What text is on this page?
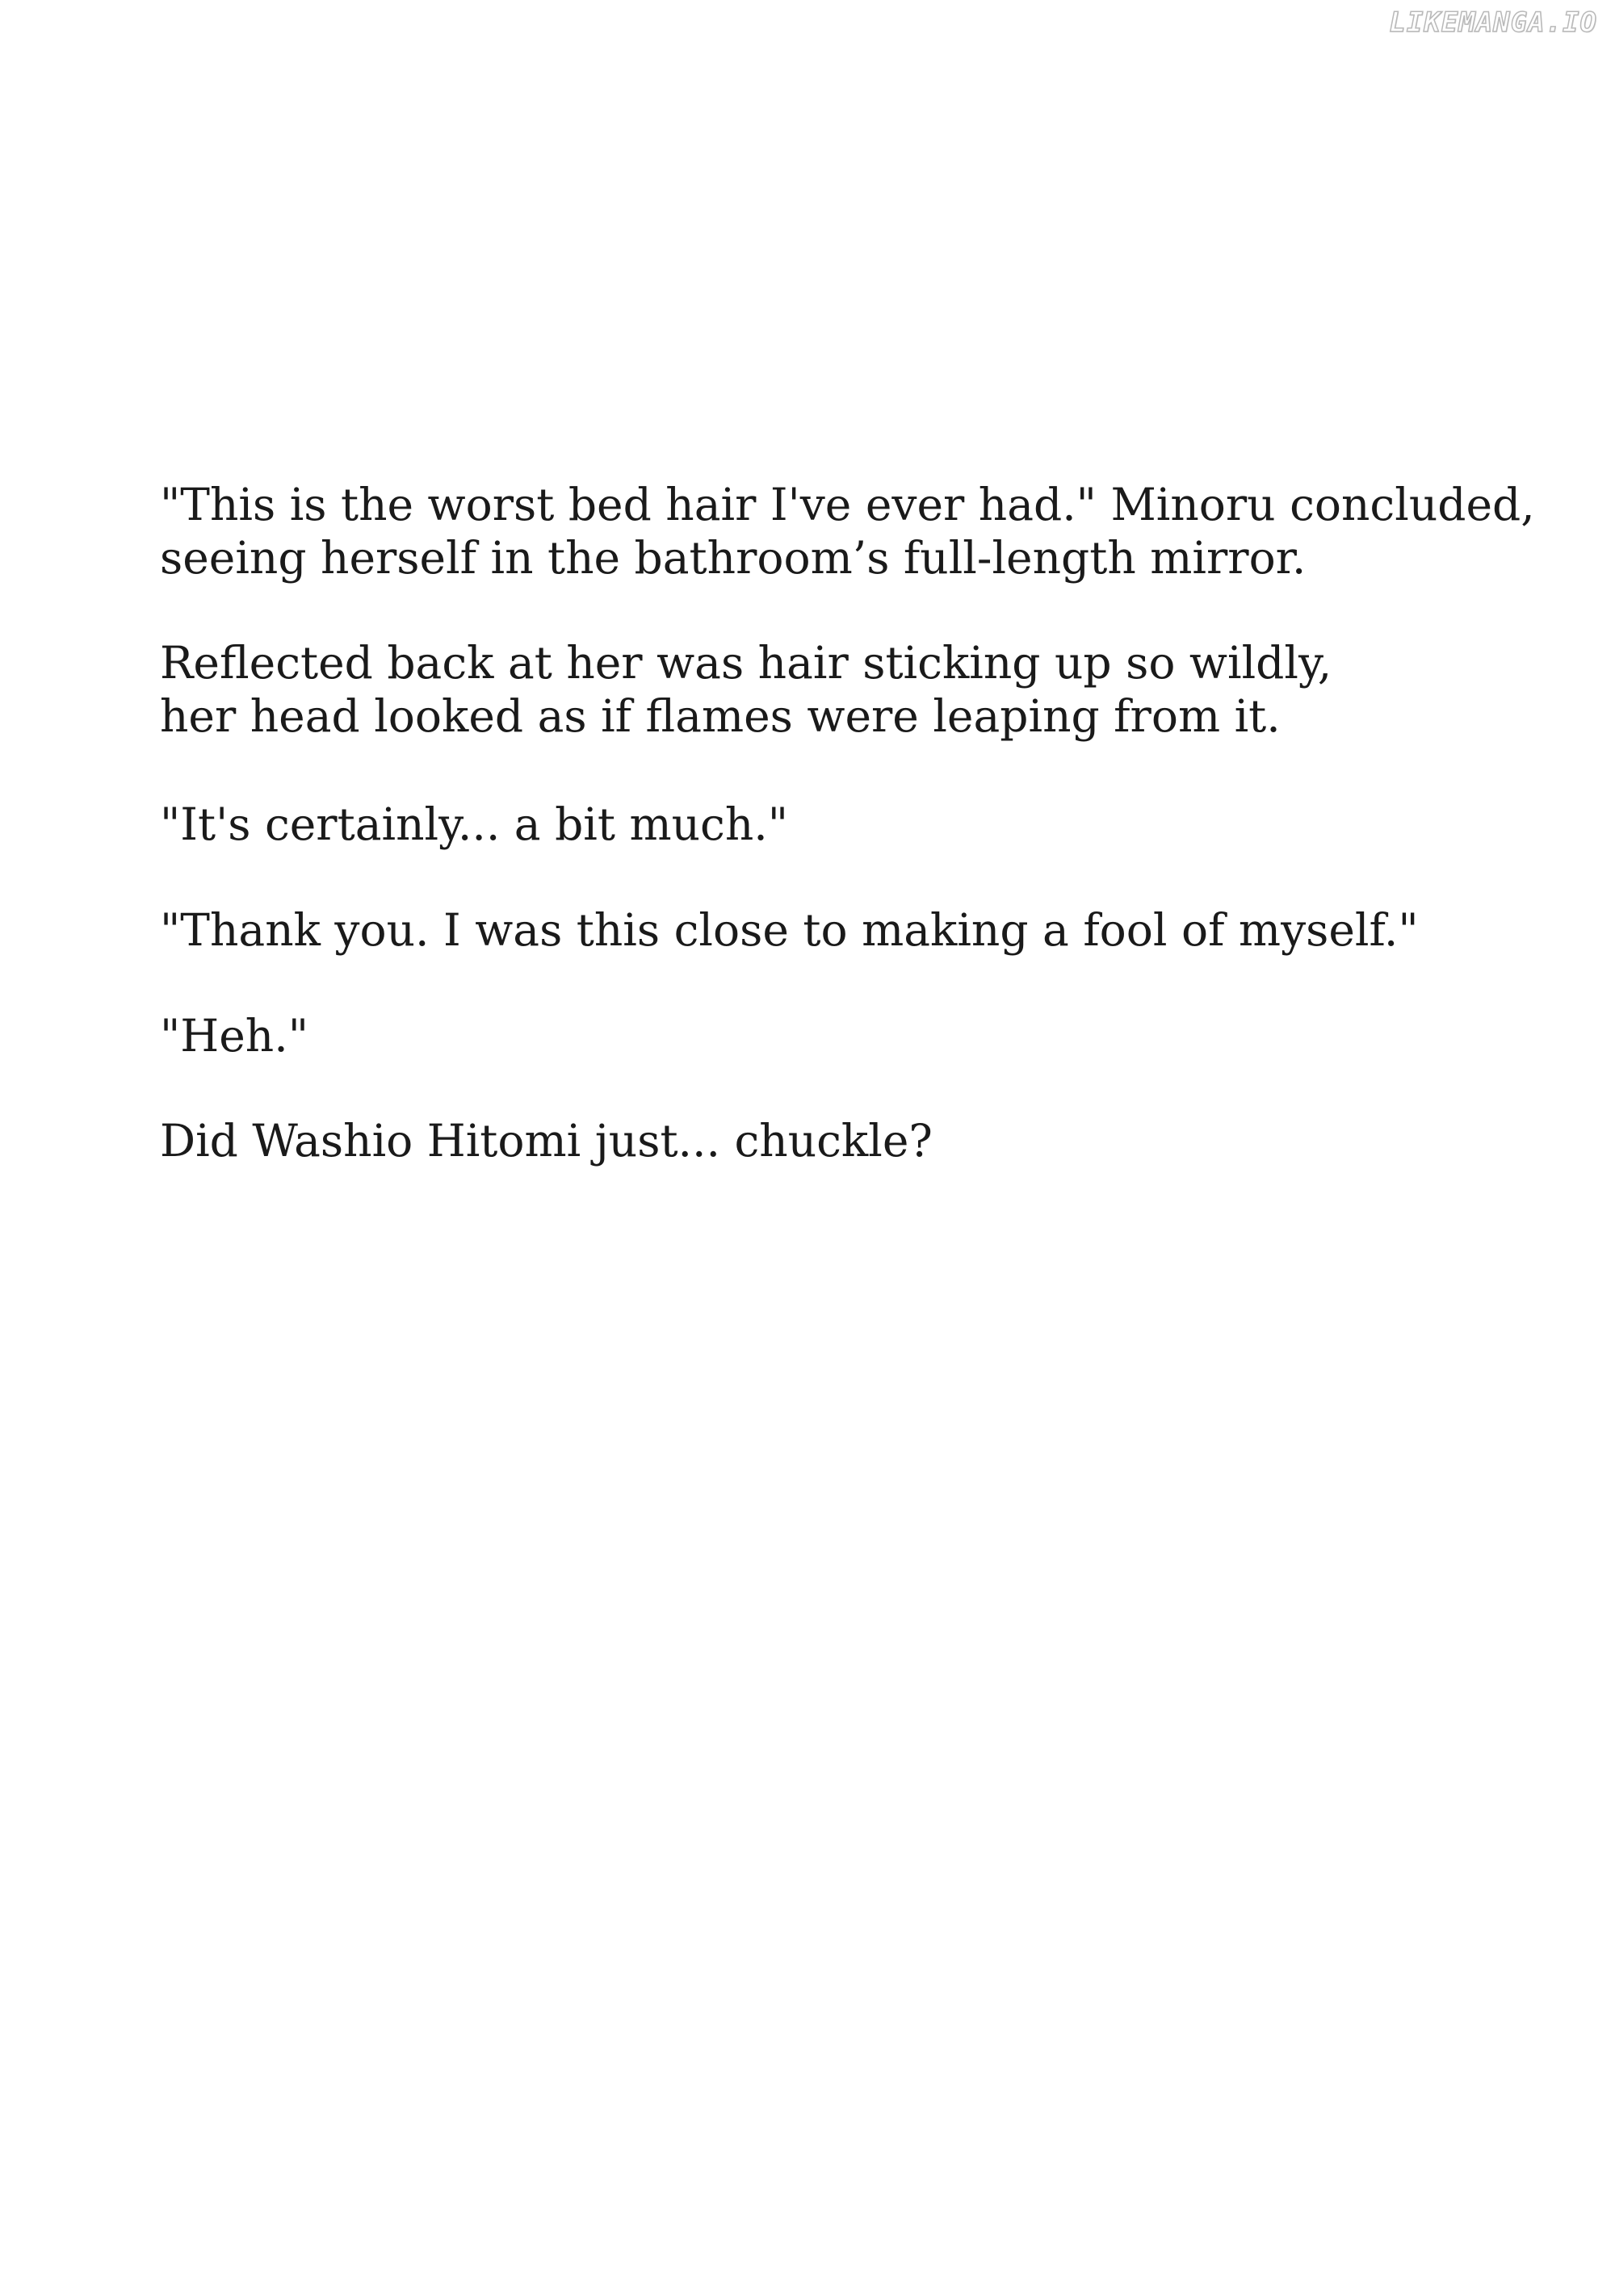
LIKEMANGA.IO
"This is the worst bed hair I've ever had." Minoru concluded,
seeing herself in the bathroom’s full-length mirror.
Reflected back at her was hair sticking up so wildly,
her head looked as if flames were leaping from it.
"It's certainly... a bit much."
"Thank you. I was this close to making a fool of myself."
"Heh."
Did Washio Hitomi just... chuckle?
